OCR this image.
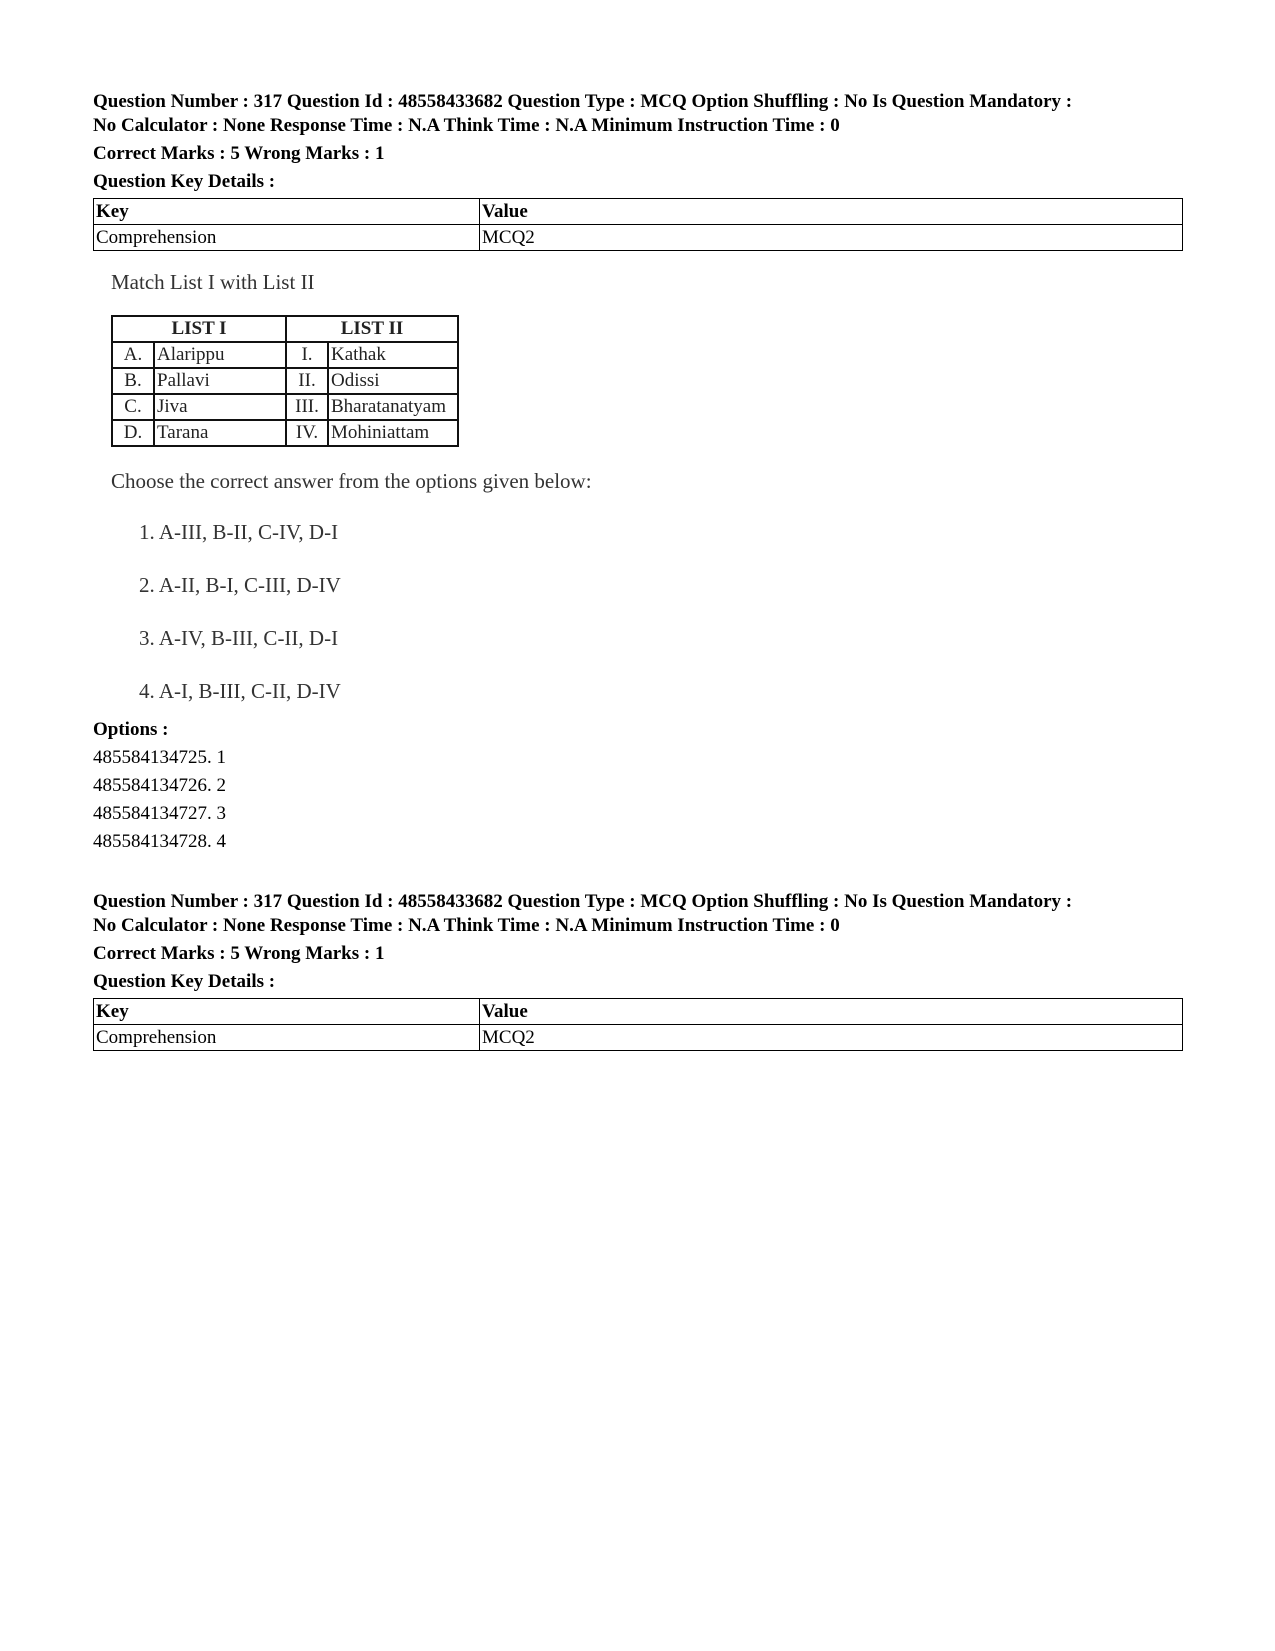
Question Number : 317 Question Id : 48558433682 Question Type : MCQ Option Shuffling : No Is Question Mandatory :
No Calculator : None Response Time : N.A Think Time : N.A Minimum Instruction Time : 0
Correct Marks : 5 Wrong Marks : 1
Question Key Details :
Key	Value
Comprehension	MCQ2
Match List I with List II
LIST I		LIST II	
A.	Alarippu	I.	Kathak
B.	Pallavi	II.	Odissi
C.	Jiva	III.	Bharatanatyam
D.	Tarana	IV.	Mohiniattam
Choose the correct answer from the options given below:
1. A-III, B-II, C-IV, D-I
2. A-II, B-I, C-III, D-IV
3. A-IV, B-III, C-II, D-I
4. A-I, B-III, C-II, D-IV
Options :
485584134725. 1
485584134726. 2
485584134727. 3
485584134728. 4
Question Number : 317 Question Id : 48558433682 Question Type : MCQ Option Shuffling : No Is Question Mandatory :
No Calculator : None Response Time : N.A Think Time : N.A Minimum Instruction Time : 0
Correct Marks : 5 Wrong Marks : 1
Question Key Details :
Key	Value
Comprehension	MCQ2
